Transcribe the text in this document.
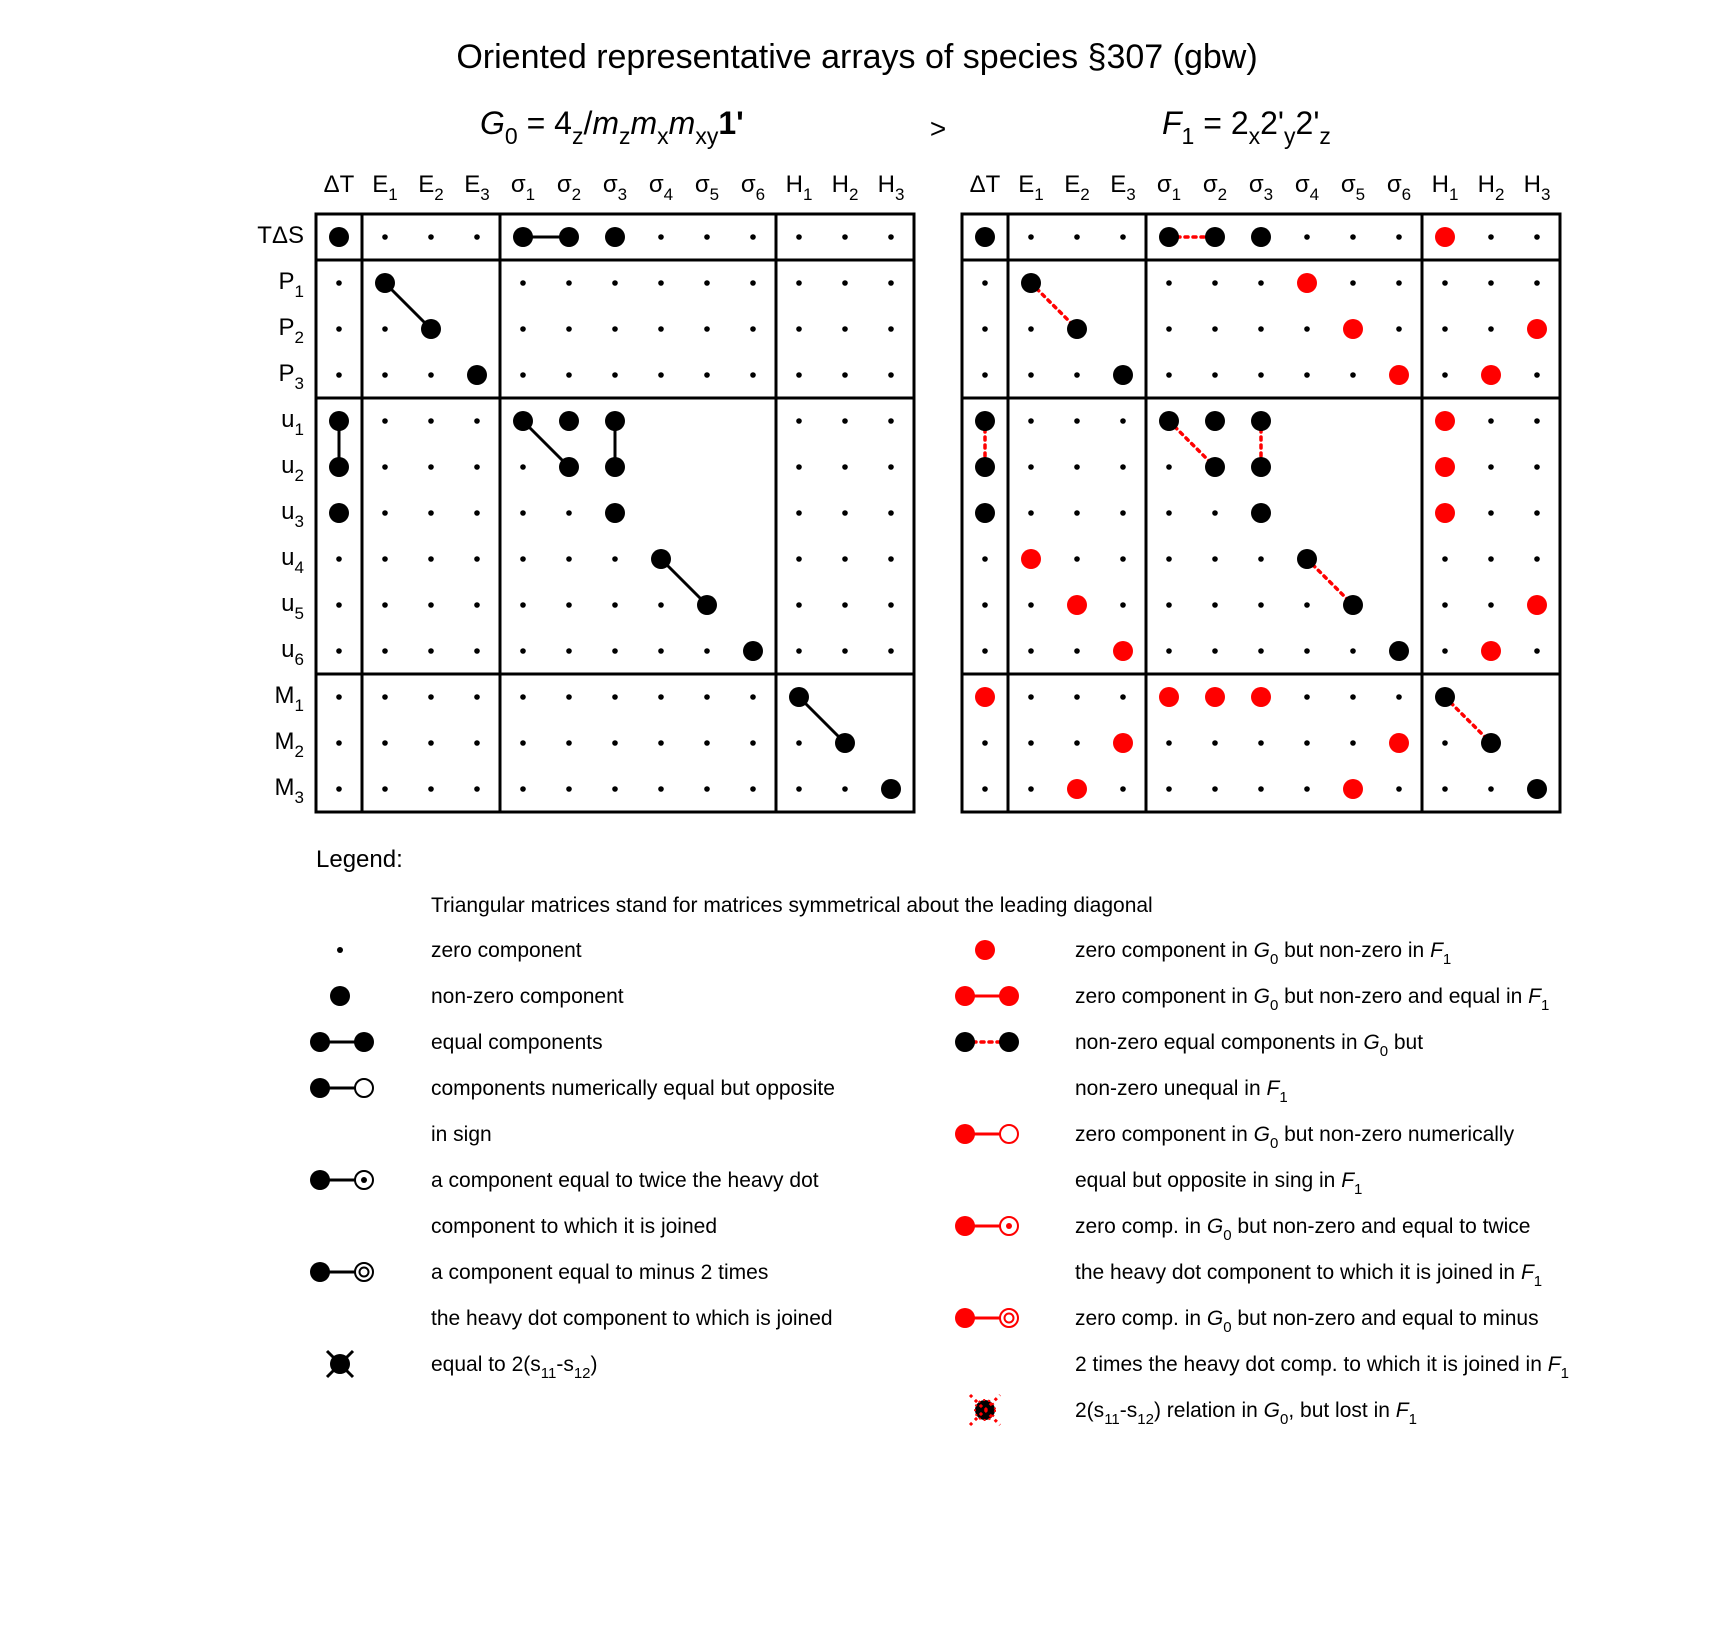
Oriented representative arrays of species §307 (gbw)
>
$G_0 = 4_z/m_zm_xm_{xy}1'$	$F_1 = 2_x2'_y2'_z$
ΔT $E_1$ $E_2$ $E_3$ $\sigma_1$ $\sigma_2$ $\sigma_3$ $\sigma_4$ $\sigma_5$ $\sigma_6$ $H_1$ $H_2$ $H_3$
TΔS
$P_1$
$P_2$
$P_3$
$u_1$
$u_2$
$u_3$
$u_4$
$u_5$
$u_6$
$M_1$
$M_2$
$M_3$
ΔT $E_1$ $E_2$ $E_3$ $\sigma_1$ $\sigma_2$ $\sigma_3$ $\sigma_4$ $\sigma_5$ $\sigma_6$ $H_1$ $H_2$ $H_3$
Legend:
Triangular matrices stand for matrices symmetrical about the leading diagonal
zero component
non-zero component
equal components
components numerically equal but opposite
in sign
a component equal to twice the heavy dot
component to which it is joined
a component equal to minus 2 times
the heavy dot component to which is joined
equal to $2(s_{11}-s_{12})$
zero component in $G_0$ but non-zero in $F_1$
zero component in $G_0$ but non-zero and equal in $F_1$
non-zero equal components in $G_0$ but
non-zero unequal in $F_1$
zero component in $G_0$ but non-zero numerically
equal but opposite in sing in $F_1$
zero comp. in $G_0$ but non-zero and equal to twice
the heavy dot component to which it is joined in $F_1$
zero comp. in $G_0$ but non-zero and equal to minus
2 times the heavy dot comp. to which it is joined in $F_1$
$2(s_{11}-s_{12})$ relation in $G_0$, but lost in $F_1$
